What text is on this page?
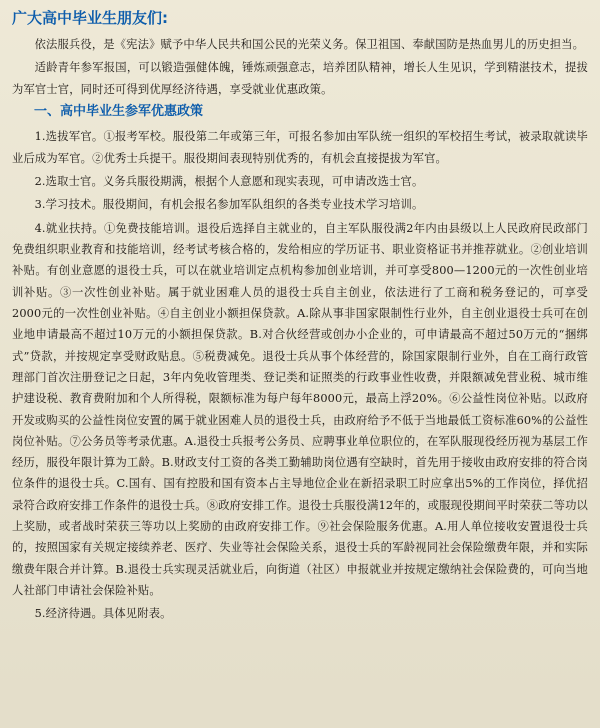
广大高中毕业生朋友们:

依法服兵役，是《宪法》赋予中华人民共和国公民的光荣义务。保卫祖国、奉献国防是热血男儿的历史担当。

适龄青年参军报国，可以锻造强健体魄，锤炼顽强意志，培养团队精神，增长人生见识，学到精湛技术，提拔为军官士官，同时还可得到优厚经济待遇，享受就业优惠政策。

一、高中毕业生参军优惠政策

1.选拔军官。①报考军校。服役第二年或第三年，可报名参加由军队统一组织的军校招生考试，被录取就读毕业后成为军官。②优秀士兵提干。服役期间表现特别优秀的，有机会直接提拔为军官。

2.选取士官。义务兵服役期满，根据个人意愿和现实表现，可申请改选士官。

3.学习技术。服役期间，有机会报名参加军队组织的各类专业技术学习培训。

4.就业扶持。①免费技能培训。退役后选择自主就业的，自主军队服役满2年内由县级以上人民政府民政部门免费组织职业教育和技能培训，经考试考核合格的，发给相应的学历证书、职业资格证书并推荐就业。②创业培训补贴。有创业意愿的退役士兵，可以在就业培训定点机构参加创业培训，并可享受800—1200元的一次性创业培训补贴。③一次性创业补贴。属于就业困难人员的退役士兵自主创业，依法进行了工商和税务登记的，可享受2000元的一次性创业补贴。④自主创业小额担保贷款。A.除从事非国家限制性行业外，自主创业退役士兵可在创业地申请最高不超过10万元的小额担保贷款。B.对合伙经营或创办小企业的，可申请最高不超过50万元的“捆绑式”贷款，并按规定享受财政贴息。⑤税费减免。退役士兵从事个体经营的，除国家限制行业外，自在工商行政管理部门首次注册登记之日起，3年内免收管理类、登记类和证照类的行政事业性收费，并限额减免营业税、城市维护建设税、教育费附加和个人所得税，限额标准为每户每年8000元，最高上浮20%。⑥公益性岗位补贴。以政府开发或购买的公益性岗位安置的属于就业困难人员的退役士兵，由政府给予不低于当地最低工资标准60%的公益性岗位补贴。⑦公务员等考录优惠。A.退役士兵报考公务员、应聘事业单位职位的，在军队服现役经历视为基层工作经历，服役年限计算为工龄。B.财政支付工资的各类工勤辅助岗位遇有空缺时，首先用于接收由政府安排的符合岗位条件的退役士兵。C.国有、国有控股和国有资本占主导地位企业在新招录职工时应拿出5%的工作岗位，择优招录符合政府安排工作条件的退役士兵。⑧政府安排工作。退役士兵服役满12年的，或服现役期间平时荣获二等功以上奖励，或者战时荣获三等功以上奖励的由政府安排工作。⑨社会保险服务优惠。A.用人单位接收安置退役士兵的，按照国家有关规定接续养老、医疗、失业等社会保险关系，退役士兵的军龄视同社会保险缴费年限，并和实际缴费年限合并计算。B.退役士兵实现灵活就业后，向街道（社区）申报就业并按规定缴纳社会保险费的，可向当地人社部门申请社会保险补贴。

5.经济待遇。具体见附表。
